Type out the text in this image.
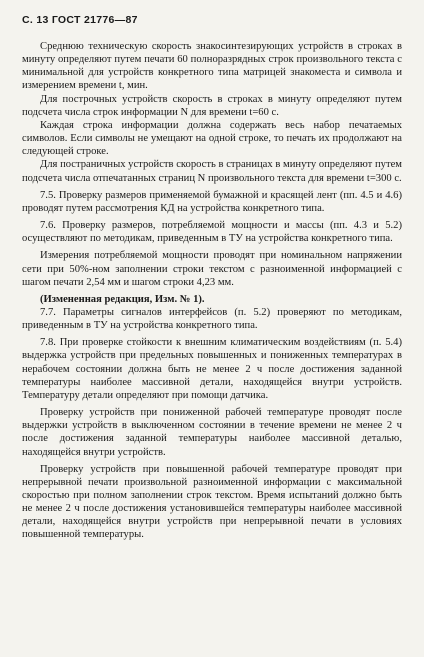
С. 13 ГОСТ 21776—87

Среднюю техническую скорость знакосинтезирующих устройств в строках в минуту определяют путем печати 60 полноразрядных строк произвольного текста с минимальной для устройств конкретного типа матрицей знакоместа и символа и измерением времени t, мин.

Для построчных устройств скорость в строках в минуту определяют путем подсчета числа строк информации N для времени t=60 с.

Каждая строка информации должна содержать весь набор печатаемых символов. Если символы не умещают на одной строке, то печать их продолжают на следующей строке.

Для постраничных устройств скорость в страницах в минуту определяют путем подсчета числа отпечатанных страниц N произвольного текста для времени t=300 с.

7.5. Проверку размеров применяемой бумажной и красящей лент (пп. 4.5 и 4.6) проводят путем рассмотрения КД на устройства конкретного типа.

7.6. Проверку размеров, потребляемой мощности и массы (пп. 4.3 и 5.2) осуществляют по методикам, приведенным в ТУ на устройства конкретного типа.

Измерения потребляемой мощности проводят при номинальном напряжении сети при 50%-ном заполнении строки текстом с разноименной информацией с шагом печати 2,54 мм и шагом строки 4,23 мм.

(Измененная редакция, Изм. № 1).

7.7. Параметры сигналов интерфейсов (п. 5.2) проверяют по методикам, приведенным в ТУ на устройства конкретного типа.

7.8. При проверке стойкости к внешним климатическим воздействиям (п. 5.4) выдержка устройств при предельных повышенных и пониженных температурах в нерабочем состоянии должна быть не менее 2 ч после достижения заданной температуры наиболее массивной детали, находящейся внутри устройств. Температуру детали определяют при помощи датчика.

Проверку устройств при пониженной рабочей температуре проводят после выдержки устройств в выключенном состоянии в течение времени не менее 2 ч после достижения заданной температуры наиболее массивной деталью, находящейся внутри устройств.

Проверку устройств при повышенной рабочей температуре проводят при непрерывной печати произвольной разноименной информации с максимальной скоростью при полном заполнении строк текстом. Время испытаний должно быть не менее 2 ч после достижения установившейся температуры наиболее массивной детали, находящейся внутри устройств при непрерывной печати в условиях повышенной температуры.
